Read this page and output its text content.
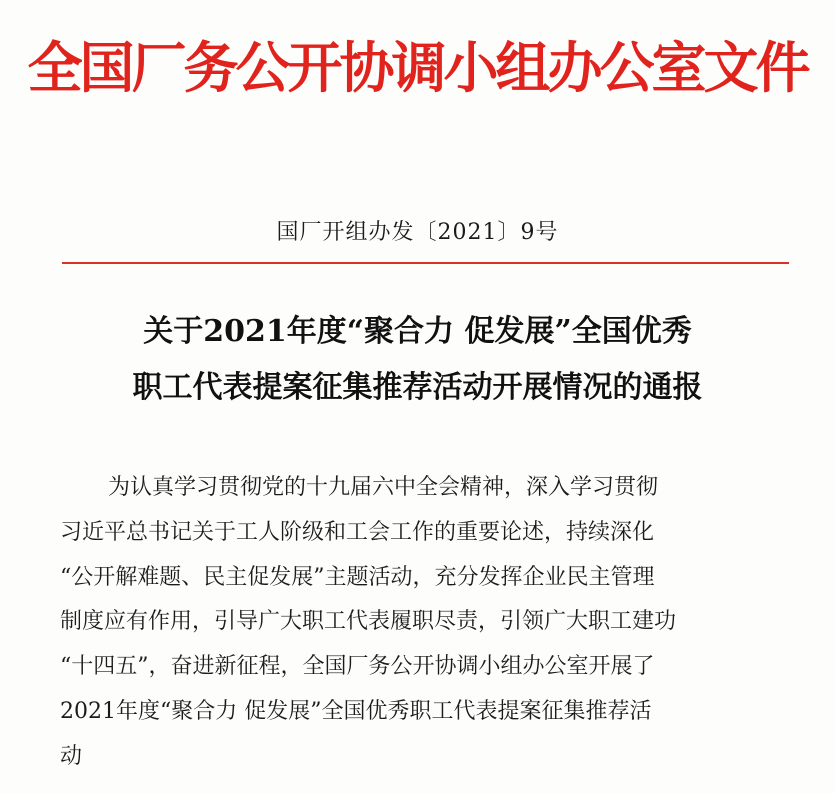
全国厂务公开协调小组办公室文件
国厂开组办发〔2021〕9号
关于2021年度“聚合力 促发展”全国优秀
职工代表提案征集推荐活动开展情况的通报
为认真学习贯彻党的十九届六中全会精神，深入学习贯彻
习近平总书记关于工人阶级和工会工作的重要论述，持续深化
“公开解难题、民主促发展”主题活动，充分发挥企业民主管理
制度应有作用，引导广大职工代表履职尽责，引领广大职工建功
“十四五”，奋进新征程，全国厂务公开协调小组办公室开展了
2021年度“聚合力 促发展”全国优秀职工代表提案征集推荐活
动
